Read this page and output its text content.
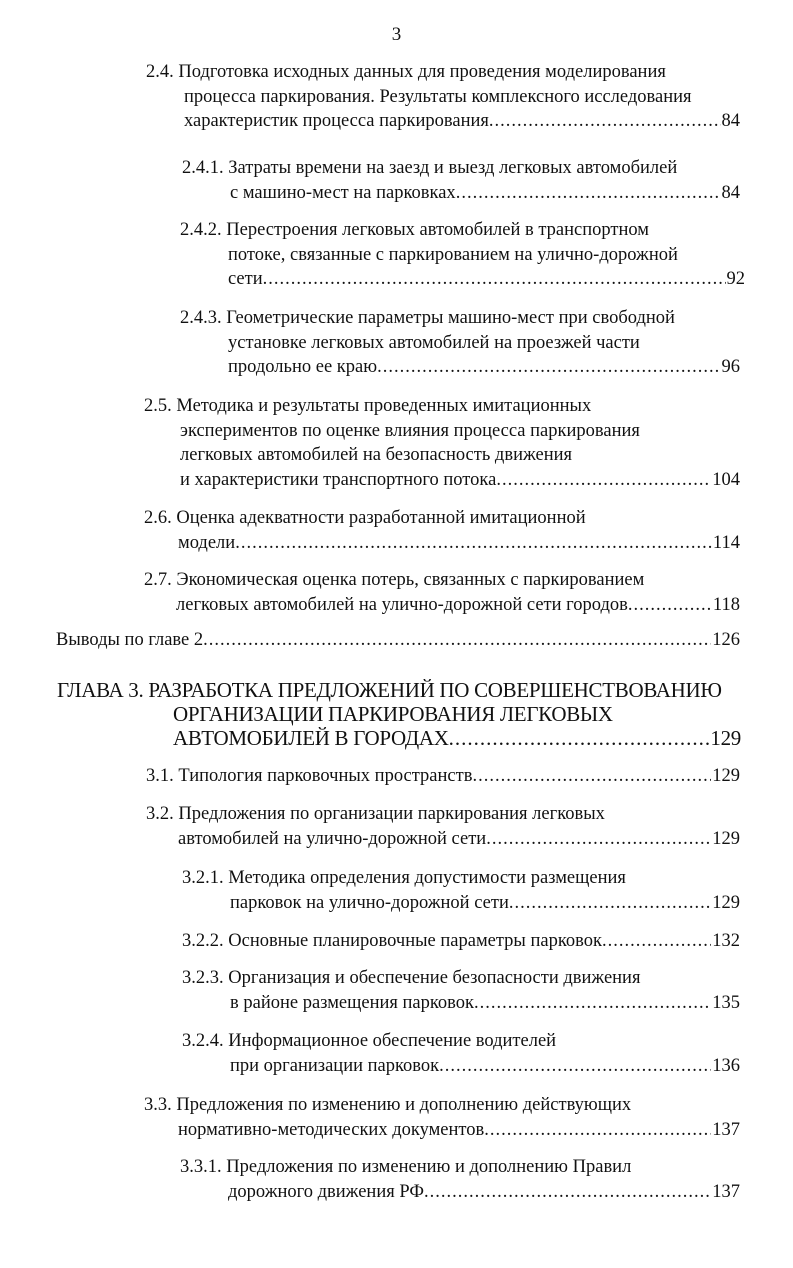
3
2.4. Подготовка исходных данных для проведения моделирования
процесса паркирования. Результаты комплексного исследования
характеристик процесса паркирования .....	84
2.4.1. Затраты времени на заезд и выезд легковых автомобилей
с машино-мест на парковках .....	84
2.4.2. Перестроения легковых автомобилей в транспортном
потоке, связанные с паркированием на улично-дорожной
сети .....	92
2.4.3. Геометрические параметры машино-мест при свободной
установке легковых автомобилей на проезжей части
продольно ее краю .....	96
2.5. Методика и результаты проведенных имитационных
экспериментов по оценке влияния процесса паркирования
легковых автомобилей на безопасность движения
и характеристики транспортного потока .....	104
2.6. Оценка адекватности разработанной имитационной
модели .....	114
2.7. Экономическая оценка потерь, связанных с паркированием
легковых автомобилей на улично-дорожной сети городов .....	118
Выводы по главе 2 .....	126
ГЛАВА 3. РАЗРАБОТКА ПРЕДЛОЖЕНИЙ ПО СОВЕРШЕНСТВОВАНИЮ
ОРГАНИЗАЦИИ ПАРКИРОВАНИЯ ЛЕГКОВЫХ
АВТОМОБИЛЕЙ В ГОРОДАХ .....	129
3.1. Типология парковочных пространств .....	129
3.2. Предложения по организации паркирования легковых
автомобилей на улично-дорожной сети .....	129
3.2.1. Методика определения допустимости размещения
парковок на улично-дорожной сети .....	129
3.2.2. Основные планировочные параметры парковок .....	132
3.2.3. Организация и обеспечение безопасности движения
в районе размещения парковок .....	135
3.2.4. Информационное обеспечение водителей
при организации парковок .....	136
3.3. Предложения по изменению и дополнению действующих
нормативно-методических документов .....	137
3.3.1. Предложения по изменению и дополнению Правил
дорожного движения РФ .....	137
